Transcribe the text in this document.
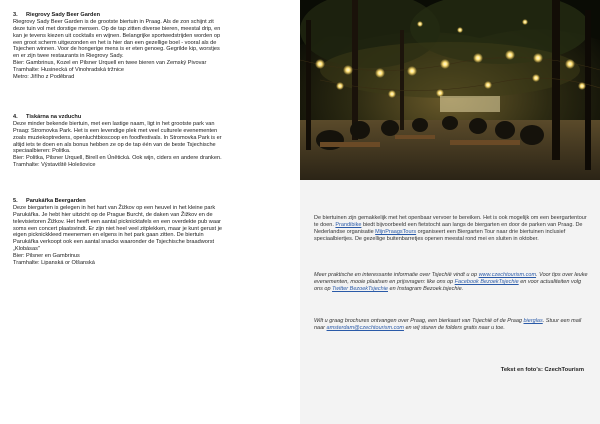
3. Riegrovy Sady Beer Garden

Riegrovy Sady Beer Garden is de grootste biertuin in Praag. Als de zon schijnt zit

deze tuin vol met dorstige mensen. Op de tap zitten diverse bieren, meestal drip, en

kan je tevens kiezen uit cocktails en wijnen. Belangrijke sportwedstrijden worden op

een groot scherm uitgezonden en het is hier dan een gezellige boel - vooral als de

Tsjechen winnen. Voor de hongerige mens is er eten genoeg. Gegrilde kip, worstjes

en er zijn twee restaurants in Riegrovy Sady.

Bier: Gambrinus, Kozel en Pilsner Urquell en twee bieren van Zemský Pivovar

Tramhalte: Husinecká of Vinohradská tržnice

Metro: Jiřího z Poděbrad

4. Tiskárna na vzduchu

Deze minder bekende biertuin, met een lastige naam, ligt in het grootste park van

Praag: Stromovka Park. Het is een levendige plek met veel culturele evenementen

zoals muziekoptredens, openluchtbioscoop en foodfestivals. In Stromovka Park is er

altijd iets te doen en als bonus hebben ze op de tap één van de beste Tsjechische

speciaalbieren: Politka.

Bier: Politka, Pilsner Urquell, Birell en Únětická. Ook wijn, ciders en andere dranken.

Tramhalte: Výstaviště Holešovice

5. Parukářka Beergarden

Deze biergarten is gelegen in het hart van Žižkov op een heuvel in het kleine park

Parukářka. Je hebt hier uitzicht op de Prague Burcht, de daken van Žižkov en de

televisietoren Žižkov. Het heeft een aantal picknicktafels en een overdekte pub waar

soms een concert plaatsvindt. Er zijn niet heel veel zitplekken, maar je kunt gerust je

eigen picknickkleed meenemen en elgens in het park gaan zitten. De biertuin

Parukářka verkoopt ook een aantal snacks waaronder de Tsjechische braadworst

„Klobásas"

Bier: Pilsner en Gambrinus

Tramhalte: Lipanská or Olšanská

De biertuinen zijn gemakkelijk met het openbaar vervoer te bereiken. Het is ook mogelijk om een beergartentour te doen. Prandibike biedt bijvoorbeeld een fietstocht aan langs de biergarten en door de parken van Praag. De Nederlandse organisatie MijnPraagsTours organiseert een Biergarten Tour naar drie biertuinen inclusief speciaalbiertjes. De gezellige buitenbarretjes openen meestal rond mei en sluiten in oktober.

Meer praktische en interessante informatie over Tsjechië vindt u op www.czechtourism.com. Voor tips over leuke evenementen, mooie plaatsen en prijsvragen: like ons op Facebook BezoekTsjechie en voor actualiteiten volg ons op Twitter BezoekTsjechie en Instagram Bezoek.tsjechie.

Wilt u graag brochures ontvangen over Praag, een bierkaart van Tsjechië of de Praag bierglas. Stuur een mail naar amsterdam@czechtourism.com en wij sturen de folders gratis naar u toe.

Tekst en foto's: CzechTourism
